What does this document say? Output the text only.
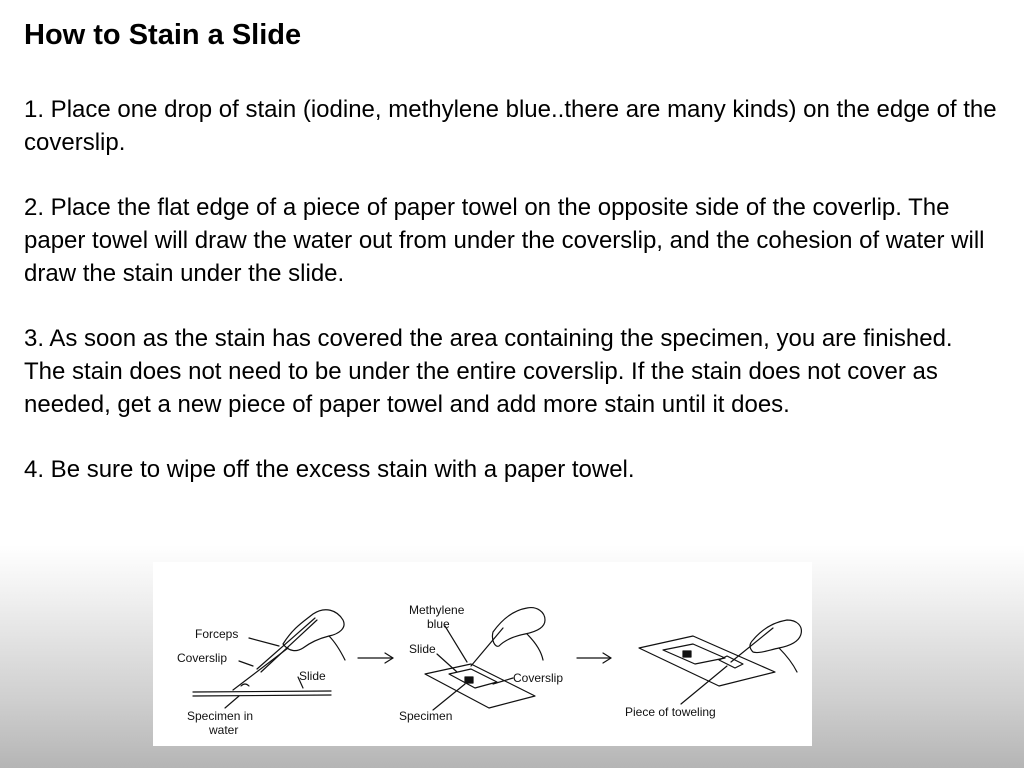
How to Stain a Slide

1. Place one drop of stain (iodine, methylene blue..there are many kinds) on the edge of the coverslip.

2. Place the flat edge of a piece of paper towel on the opposite side of the coverlip. The paper towel will draw the water out from under the coverslip, and the cohesion of water will draw the stain under the slide.

3. As soon as the stain has covered the area containing the specimen, you are finished. The stain does not need to be under the entire coverslip. If the stain does not cover as needed, get a new piece of paper towel and add more stain until it does.

4. Be sure to wipe off the excess stain with a paper towel.

Forceps
Coverslip
Slide
Specimen in
water
Methylene
blue
Slide
Coverslip
Specimen	Piece of toweling
